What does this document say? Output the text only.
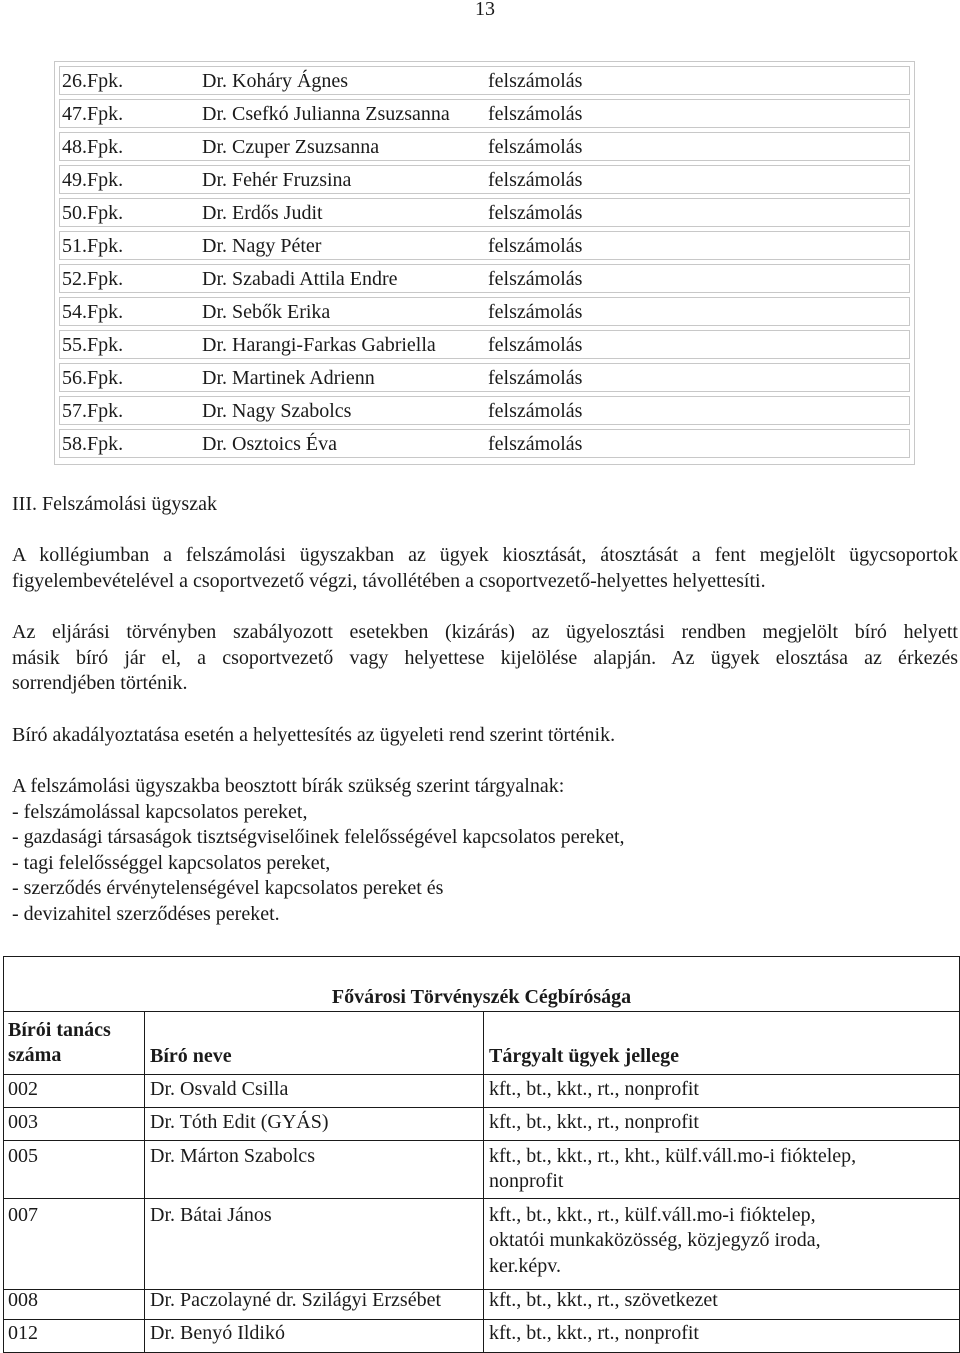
13
26.Fpk.	Dr. Koháry Ágnes	felszámolás
47.Fpk.	Dr. Csefkó Julianna Zsuzsanna felszámolás
48.Fpk.	Dr. Czuper Zsuzsanna	felszámolás
49.Fpk.	Dr. Fehér Fruzsina	felszámolás
50.Fpk.	Dr. Erdős Judit	felszámolás
51.Fpk.	Dr. Nagy Péter	felszámolás
52.Fpk.	Dr. Szabadi Attila Endre	felszámolás
54.Fpk.	Dr. Sebők Erika	felszámolás
55.Fpk.	Dr. Harangi-Farkas Gabriella	felszámolás
56.Fpk.	Dr. Martinek Adrienn	felszámolás
57.Fpk.	Dr. Nagy Szabolcs	felszámolás
58.Fpk.	Dr. Osztoics Éva	felszámolás
III. Felszámolási ügyszak
A kollégiumban a felszámolási ügyszakban az ügyek kiosztását, átosztását a fent megjelölt ügycsoportok
figyelembevételével a csoportvezető végzi, távollétében a csoportvezető-helyettes helyettesíti.
Az eljárási törvényben szabályozott esetekben (kizárás) az ügyelosztási rendben megjelölt bíró helyett
másik bíró jár el, a csoportvezető vagy helyettese kijelölése alapján. Az ügyek elosztása az érkezés
sorrendjében történik.
Bíró akadályoztatása esetén a helyettesítés az ügyeleti rend szerint történik.
A felszámolási ügyszakba beosztott bírák szükség szerint tárgyalnak:
- felszámolással kapcsolatos pereket,
- gazdasági társaságok tisztségviselőinek felelősségével kapcsolatos pereket,
- tagi felelősséggel kapcsolatos pereket,
- szerződés érvénytelenségével kapcsolatos pereket és
- devizahitel szerződéses pereket.
Fővárosi Törvényszék Cégbírósága
Bírói tanács
száma	Bíró neve	Tárgyalt ügyek jellege
002	Dr. Osvald Csilla	kft., bt., kkt., rt., nonprofit
003	Dr. Tóth Edit (GYÁS)	kft., bt., kkt., rt., nonprofit
005	Dr. Márton Szabolcs	kft., bt., kkt., rt., kht., külf.váll.mo-i fióktelep,
nonprofit
007	Dr. Bátai János	kft., bt., kkt., rt., külf.váll.mo-i fióktelep,
oktatói munkaközösség, közjegyző iroda,
ker.képv.
008	Dr. Paczolayné dr. Szilágyi Erzsébet kft., bt., kkt., rt., szövetkezet
012	Dr. Benyó Ildikó	kft., bt., kkt., rt., nonprofit
